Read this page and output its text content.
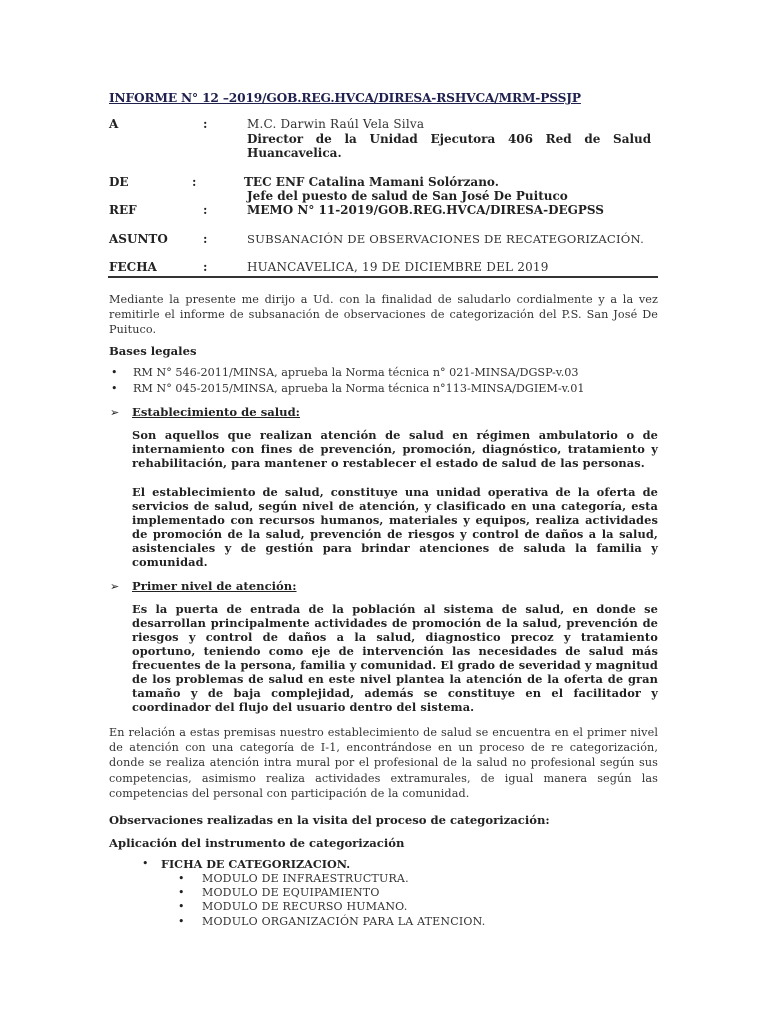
INFORME N° 12 –2019/GOB.REG.HVCA/DIRESA-RSHVCA/MRM-PSSJP
A	:	M.C. Darwin Raúl Vela Silva
Director de la Unidad Ejecutora 406 Red de Salud
Huancavelica.
DE	:	TEC ENF Catalina Mamani Solórzano.
Jefe del puesto de salud de San José De Puituco
REF	:	MEMO N° 11-2019/GOB.REG.HVCA/DIRESA-DEGPSS
ASUNTO	:	SUBSANACIÓN DE OBSERVACIONES DE RECATEGORIZACIÓN.
FECHA	:	HUANCAVELICA, 19 DE DICIEMBRE DEL 2019
Mediante la presente me dirijo a Ud. con la finalidad de saludarlo cordialmente y a la vez remitirle el informe de subsanación de observaciones de categorización del P.S. San José De Puituco.
Bases legales
• RM N° 546-2011/MINSA, aprueba la Norma técnica n° 021-MINSA/DGSP-v.03
• RM N° 045-2015/MINSA, aprueba la Norma técnica n°113-MINSA/DGIEM-v.01
➢ Establecimiento de salud:
Son aquellos que realizan atención de salud en régimen ambulatorio o de internamiento con fines de prevención, promoción, diagnóstico, tratamiento y rehabilitación, para mantener o restablecer el estado de salud de las personas.
El establecimiento de salud, constituye una unidad operativa de la oferta de servicios de salud, según nivel de atención, y clasificado en una categoría, esta implementado con recursos humanos, materiales y equipos, realiza actividades de promoción de la salud, prevención de riesgos y control de daños a la salud, asistenciales y de gestión para brindar atenciones de saluda la familia y comunidad.
➢ Primer nivel de atención:
Es la puerta de entrada de la población al sistema de salud, en donde se desarrollan principalmente actividades de promoción de la salud, prevención de riesgos y control de daños a la salud, diagnostico precoz y tratamiento oportuno, teniendo como eje de intervención las necesidades de salud más frecuentes de la persona, familia y comunidad. El grado de severidad y magnitud de los problemas de salud en este nivel plantea la atención de la oferta de gran tamaño y de baja complejidad, además se constituye en el facilitador y coordinador del flujo del usuario dentro del sistema.
En relación a estas premisas nuestro establecimiento de salud se encuentra en el primer nivel de atención con una categoría de I-1, encontrándose en un proceso de re categorización, donde se realiza atención intra mural por el profesional de la salud no profesional según sus competencias, asimismo realiza actividades extramurales, de igual manera según las competencias del personal con participación de la comunidad.
Observaciones realizadas en la visita del proceso de categorización:
Aplicación del instrumento de categorización
• FICHA DE CATEGORIZACION.
• MODULO DE INFRAESTRUCTURA.
• MODULO DE EQUIPAMIENTO
• MODULO DE RECURSO HUMANO.
• MODULO ORGANIZACIÓN PARA LA ATENCION.
